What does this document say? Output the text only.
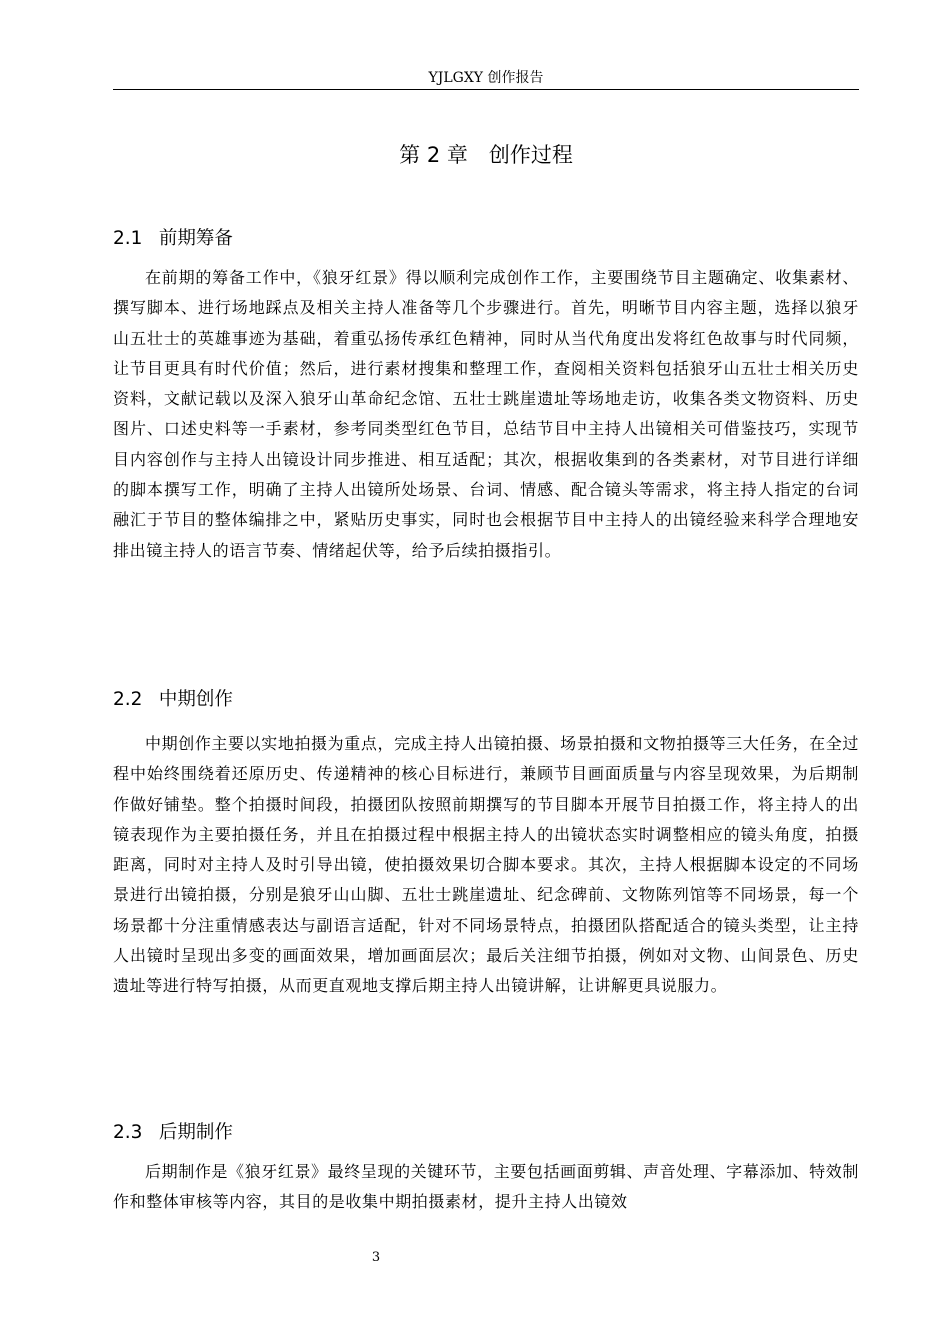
YJLGXY 创作报告
第 2 章　创作过程
2.1 前期筹备

在前期的筹备工作中，《狼牙红景》得以顺利完成创作工作，主要围绕节目主题确定、收集素材、撰写脚本、进行场地踩点及相关主持人准备等几个步骤进行。首先，明晰节目内容主题，选择以狼牙山五壮士的英雄事迹为基础，着重弘扬传承红色精神，同时从当代角度出发将红色故事与时代同频，让节目更具有时代价值；然后，进行素材搜集和整理工作，查阅相关资料包括狼牙山五壮士相关历史资料，文献记载以及深入狼牙山革命纪念馆、五壮士跳崖遗址等场地走访，收集各类文物资料、历史图片、口述史料等一手素材，参考同类型红色节目，总结节目中主持人出镜相关可借鉴技巧，实现节目内容创作与主持人出镜设计同步推进、相互适配；其次，根据收集到的各类素材，对节目进行详细的脚本撰写工作，明确了主持人出镜所处场景、台词、情感、配合镜头等需求，将主持人指定的台词融汇于节目的整体编排之中，紧贴历史事实，同时也会根据节目中主持人的出镜经验来科学合理地安排出镜主持人的语言节奏、情绪起伏等，给予后续拍摄指引。

2.2 中期创作

中期创作主要以实地拍摄为重点，完成主持人出镜拍摄、场景拍摄和文物拍摄等三大任务，在全过程中始终围绕着还原历史、传递精神的核心目标进行，兼顾节目画面质量与内容呈现效果，为后期制作做好铺垫。整个拍摄时间段，拍摄团队按照前期撰写的节目脚本开展节目拍摄工作，将主持人的出镜表现作为主要拍摄任务，并且在拍摄过程中根据主持人的出镜状态实时调整相应的镜头角度，拍摄距离，同时对主持人及时引导出镜，使拍摄效果切合脚本要求。其次，主持人根据脚本设定的不同场景进行出镜拍摄，分别是狼牙山山脚、五壮士跳崖遗址、纪念碑前、文物陈列馆等不同场景，每一个场景都十分注重情感表达与副语言适配，针对不同场景特点，拍摄团队搭配适合的镜头类型，让主持人出镜时呈现出多变的画面效果，增加画面层次；最后关注细节拍摄，例如对文物、山间景色、历史遗址等进行特写拍摄，从而更直观地支撑后期主持人出镜讲解，让讲解更具说服力。

2.3 后期制作

后期制作是《狼牙红景》最终呈现的关键环节，主要包括画面剪辑、声音处理、字幕添加、特效制作和整体审核等内容，其目的是收集中期拍摄素材，提升主持人出镜效

3
